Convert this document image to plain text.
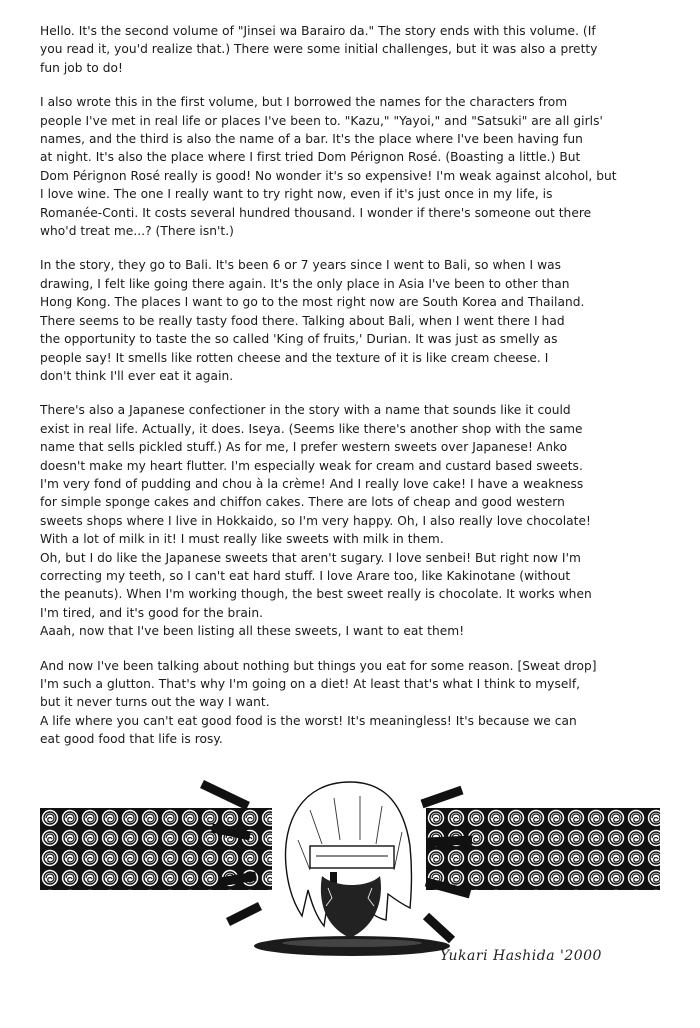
Hello. It's the second volume of "Jinsei wa Barairo da." The story ends with this volume. (If
you read it, you'd realize that.) There were some initial challenges, but it was also a pretty
fun job to do!

I also wrote this in the first volume, but I borrowed the names for the characters from
people I've met in real life or places I've been to. "Kazu," "Yayoi," and "Satsuki" are all girls'
names, and the third is also the name of a bar. It's the place where I've been having fun
at night. It's also the place where I first tried Dom Pérignon Rosé. (Boasting a little.) But
Dom Pérignon Rosé really is good! No wonder it's so expensive! I'm weak against alcohol, but
I love wine. The one I really want to try right now, even if it's just once in my life, is
Romanée-Conti. It costs several hundred thousand. I wonder if there's someone out there
who'd treat me...? (There isn't.)

In the story, they go to Bali. It's been 6 or 7 years since I went to Bali, so when I was
drawing, I felt like going there again. It's the only place in Asia I've been to other than
Hong Kong. The places I want to go to the most right now are South Korea and Thailand.
There seems to be really tasty food there. Talking about Bali, when I went there I had
the opportunity to taste the so called 'King of fruits,' Durian. It was just as smelly as
people say! It smells like rotten cheese and the texture of it is like cream cheese. I
don't think I'll ever eat it again.

There's also a Japanese confectioner in the story with a name that sounds like it could
exist in real life. Actually, it does. Iseya. (Seems like there's another shop with the same
name that sells pickled stuff.) As for me, I prefer western sweets over Japanese! Anko
doesn't make my heart flutter. I'm especially weak for cream and custard based sweets.
I'm very fond of pudding and chou à la crème! And I really love cake! I have a weakness
for simple sponge cakes and chiffon cakes. There are lots of cheap and good western
sweets shops where I live in Hokkaido, so I'm very happy. Oh, I also really love chocolate!
With a lot of milk in it! I must really like sweets with milk in them.
Oh, but I do like the Japanese sweets that aren't sugary. I love senbei! But right now I'm
correcting my teeth, so I can't eat hard stuff. I love Arare too, like Kakinotane (without
the peanuts). When I'm working though, the best sweet really is chocolate. It works when
I'm tired, and it's good for the brain.
Aaah, now that I've been listing all these sweets, I want to eat them!

And now I've been talking about nothing but things you eat for some reason. [Sweat drop]
I'm such a glutton. That's why I'm going on a diet! At least that's what I think to myself,
but it never turns out the way I want.
A life where you can't eat good food is the worst! It's meaningless! It's because we can
eat good food that life is rosy.

Yukari Hashida '2000
